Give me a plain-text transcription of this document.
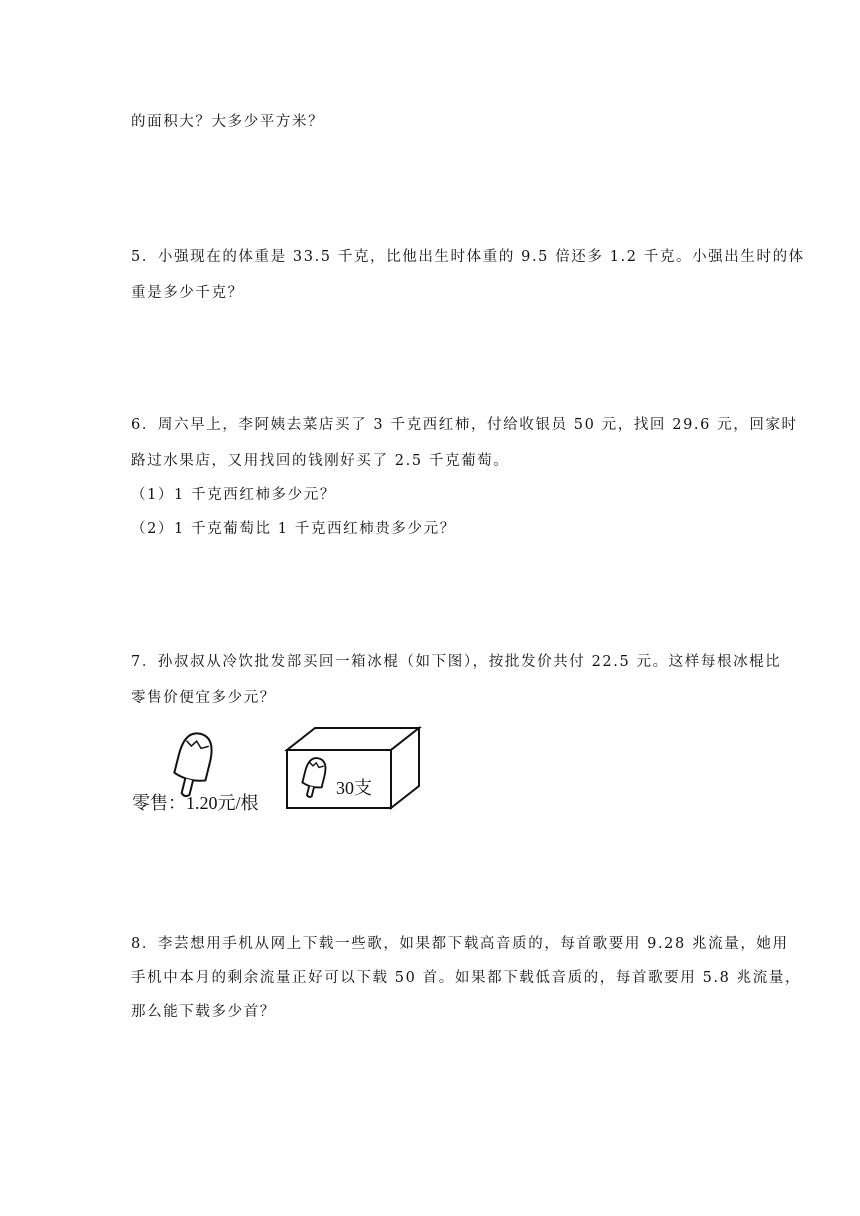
的面积大？大多少平方米？
5．小强现在的体重是 33.5 千克，比他出生时体重的 9.5 倍还多 1.2 千克。小强出生时的体
重是多少千克？
6．周六早上，李阿姨去菜店买了 3 千克西红柿，付给收银员 50 元，找回 29.6 元，回家时
路过水果店，又用找回的钱刚好买了 2.5 千克葡萄。
（1）1 千克西红柿多少元？
（2）1 千克葡萄比 1 千克西红柿贵多少元？
7．孙叔叔从冷饮批发部买回一箱冰棍（如下图），按批发价共付 22.5 元。这样每根冰棍比
零售价便宜多少元？
零售：1.20元/根
30支
8．李芸想用手机从网上下载一些歌，如果都下载高音质的，每首歌要用 9.28 兆流量，她用
手机中本月的剩余流量正好可以下载 50 首。如果都下载低音质的，每首歌要用 5.8 兆流量，
那么能下载多少首？
